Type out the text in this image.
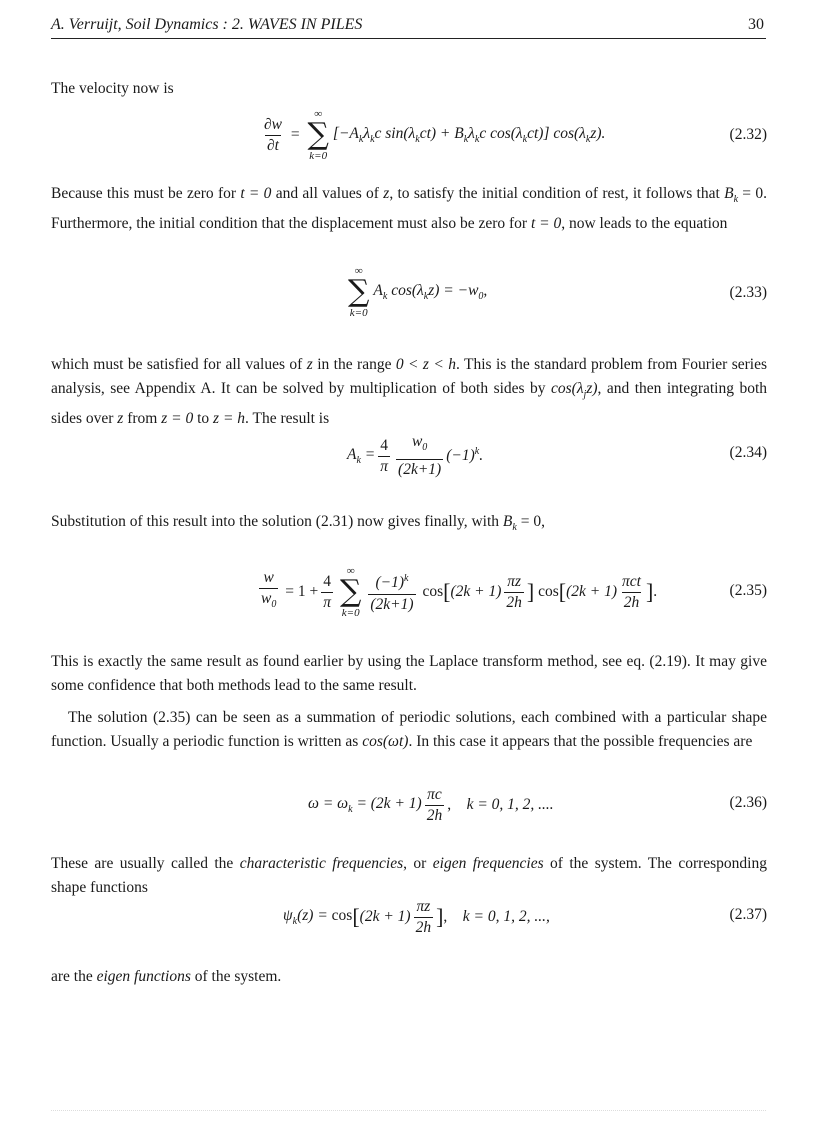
A. Verruijt, Soil Dynamics : 2. WAVES IN PILES	30

The velocity now is

$\frac{\partial w}{\partial t}$ =
∞
∑
k=0
[$-A_k\lambda_kc$ $\sin(\lambda_kct) + B_k\lambda_kc$ $\cos(\lambda_kct)$] $\cos(\lambda_kz)$.	(2.32)

Because this must be zero for t = 0 and all values of z, to satisfy the initial condition of rest, it follows that $B_k = 0$. Furthermore, the initial condition that the displacement must also be zero for t = 0, now leads to the equation

∞
∑
k=0
$A_k$ $\cos(\lambda_kz) = -w_0$,	(2.33)

which must be satisfied for all values of z in the range 0 < z < h. This is the standard problem from Fourier series analysis, see Appendix A. It can be solved by multiplication of both sides by $\cos(\lambda_jz)$, and then integrating both sides over z from z = 0 to z = h. The result is

$A_k = \frac{4}{\pi} \frac{w_0}{(2k+1)} (-1)^k$.	(2.34)

Substitution of this result into the solution (2.31) now gives finally, with $B_k = 0$,

$\frac{w}{w_0} = 1 + \frac{4}{\pi}$
∞
∑
$k=0 \frac{(-1)^k}{(2k+1)}$ cos [ $(2k + 1) \frac{\pi z}{2h}$ ] cos [ $(2k + 1) \frac{\text{πct}}{2h}$ ] .	(2.35)

This is exactly the same result as found earlier by using the Laplace transform method, see eq. (2.19). It may give some confidence that both methods lead to the same result.

The solution (2.35) can be seen as a summation of periodic solutions, each combined with a particular shape function. Usually a periodic function is written as cos(ωt). In this case it appears that the possible frequencies are

$\omega = \omega_k = (2k + 1) \frac{\pi c}{2h}$ , k = 0, 1, 2, ....	(2.36)

These are usually called the characteristic frequencies, or eigen frequencies of the system. The corresponding shape functions

$\psi_k(z) = \cos$ [ $(2k + 1) \frac{\pi z}{2h}$ ] , k = 0, 1, 2, ...,	(2.37)

are the eigen functions of the system.
